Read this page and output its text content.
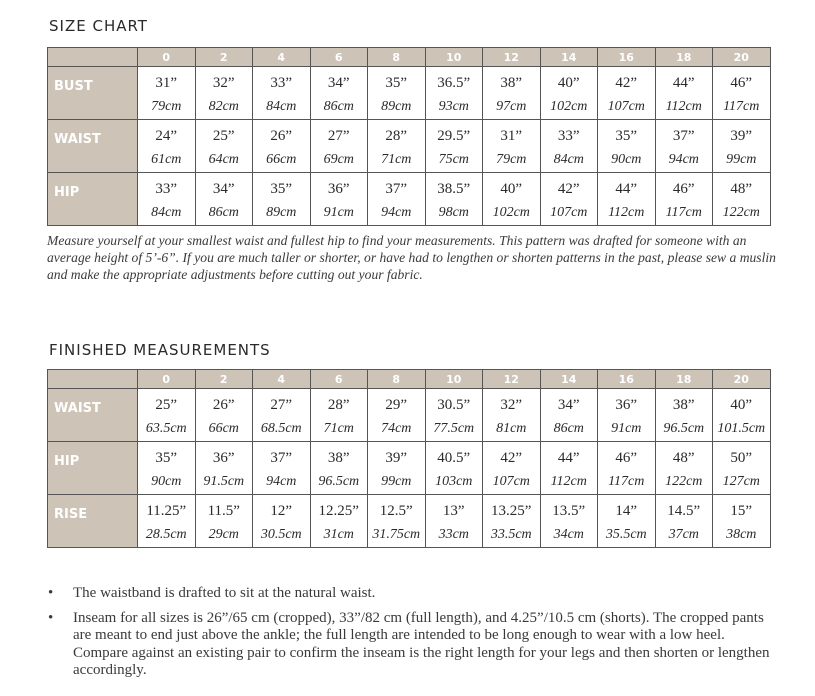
SIZE CHART
	0	2	4	6	8	10	12	14	16	18	20
BUST	31”	32”	33”	34”	35”	36.5”	38”	40”	42”	44”	46”
	79cm	82cm	84cm	86cm	89cm	93cm	97cm	102cm	107cm	112cm	117cm
WAIST	24”	25”	26”	27”	28”	29.5”	31”	33”	35”	37”	39”
	61cm	64cm	66cm	69cm	71cm	75cm	79cm	84cm	90cm	94cm	99cm
HIP	33”	34”	35”	36”	37”	38.5”	40”	42”	44”	46”	48”
	84cm	86cm	89cm	91cm	94cm	98cm	102cm	107cm	112cm	117cm	122cm

Measure yourself at your smallest waist and fullest hip to find your measurements. This pattern was drafted for someone with an average height of 5’-6”. If you are much taller or shorter, or have had to lengthen or shorten patterns in the past, please sew a muslin and make the appropriate adjustments before cutting out your fabric.

FINISHED MEASUREMENTS
	0	2	4	6	8	10	12	14	16	18	20
WAIST	25”	26”	27”	28”	29”	30.5”	32”	34”	36”	38”	40”
	63.5cm	66cm	68.5cm	71cm	74cm	77.5cm	81cm	86cm	91cm	96.5cm	101.5cm
HIP	35”	36”	37”	38”	39”	40.5”	42”	44”	46”	48”	50”
	90cm	91.5cm	94cm	96.5cm	99cm	103cm	107cm	112cm	117cm	122cm	127cm
RISE	11.25”	11.5”	12”	12.25”	12.5”	13”	13.25”	13.5”	14”	14.5”	15”
	28.5cm	29cm	30.5cm	31cm	31.75cm	33cm	33.5cm	34cm	35.5cm	37cm	38cm
• The waistband is drafted to sit at the natural waist.
• Inseam for all sizes is 26”/65 cm (cropped), 33”/82 cm (full length), and 4.25”/10.5 cm (shorts). The cropped pants are meant to end just above the ankle; the full length are intended to be long enough to wear with a low heel. Compare against an existing pair to confirm the inseam is the right length for your legs and then shorten or lengthen accordingly.
